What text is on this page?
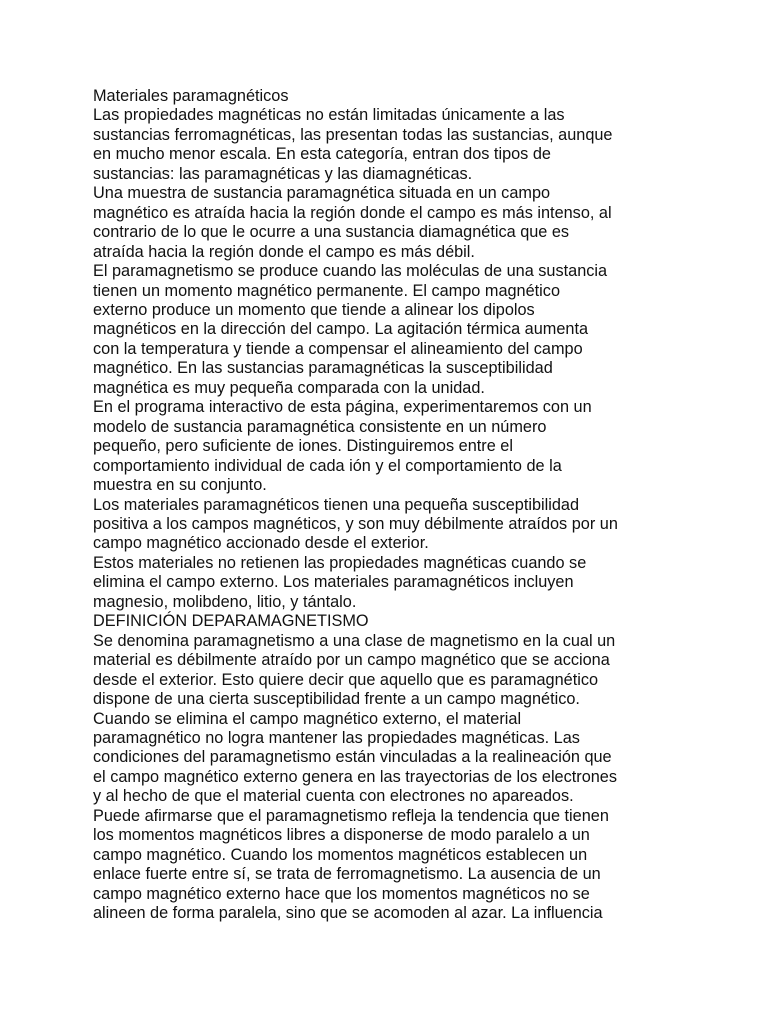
Materiales paramagnéticos
Las propiedades magnéticas no están limitadas únicamente a las
sustancias ferromagnéticas, las presentan todas las sustancias, aunque
en mucho menor escala. En esta categoría, entran dos tipos de
sustancias: las paramagnéticas y las diamagnéticas.
Una muestra de sustancia paramagnética situada en un campo
magnético es atraída hacia la región donde el campo es más intenso, al
contrario de lo que le ocurre a una sustancia diamagnética que es
atraída hacia la región donde el campo es más débil.
El paramagnetismo se produce cuando las moléculas de una sustancia
tienen un momento magnético permanente. El campo magnético
externo produce un momento que tiende a alinear los dipolos
magnéticos en la dirección del campo. La agitación térmica aumenta
con la temperatura y tiende a compensar el alineamiento del campo
magnético. En las sustancias paramagnéticas la susceptibilidad
magnética es muy pequeña comparada con la unidad.
En el programa interactivo de esta página, experimentaremos con un
modelo de sustancia paramagnética consistente en un número
pequeño, pero suficiente de iones. Distinguiremos entre el
comportamiento individual de cada ión y el comportamiento de la
muestra en su conjunto.
Los materiales paramagnéticos tienen una pequeña susceptibilidad
positiva a los campos magnéticos, y son muy débilmente atraídos por un
campo magnético accionado desde el exterior.
Estos materiales no retienen las propiedades magnéticas cuando se
elimina el campo externo. Los materiales paramagnéticos incluyen
magnesio, molibdeno, litio, y tántalo.
DEFINICIÓN DEPARAMAGNETISMO
Se denomina paramagnetismo a una clase de magnetismo en la cual un
material es débilmente atraído por un campo magnético que se acciona
desde el exterior. Esto quiere decir que aquello que es paramagnético
dispone de una cierta susceptibilidad frente a un campo magnético.
Cuando se elimina el campo magnético externo, el material
paramagnético no logra mantener las propiedades magnéticas. Las
condiciones del paramagnetismo están vinculadas a la realineación que
el campo magnético externo genera en las trayectorias de los electrones
y al hecho de que el material cuenta con electrones no apareados.
Puede afirmarse que el paramagnetismo refleja la tendencia que tienen
los momentos magnéticos libres a disponerse de modo paralelo a un
campo magnético. Cuando los momentos magnéticos establecen un
enlace fuerte entre sí, se trata de ferromagnetismo. La ausencia de un
campo magnético externo hace que los momentos magnéticos no se
alineen de forma paralela, sino que se acomoden al azar. La influencia
